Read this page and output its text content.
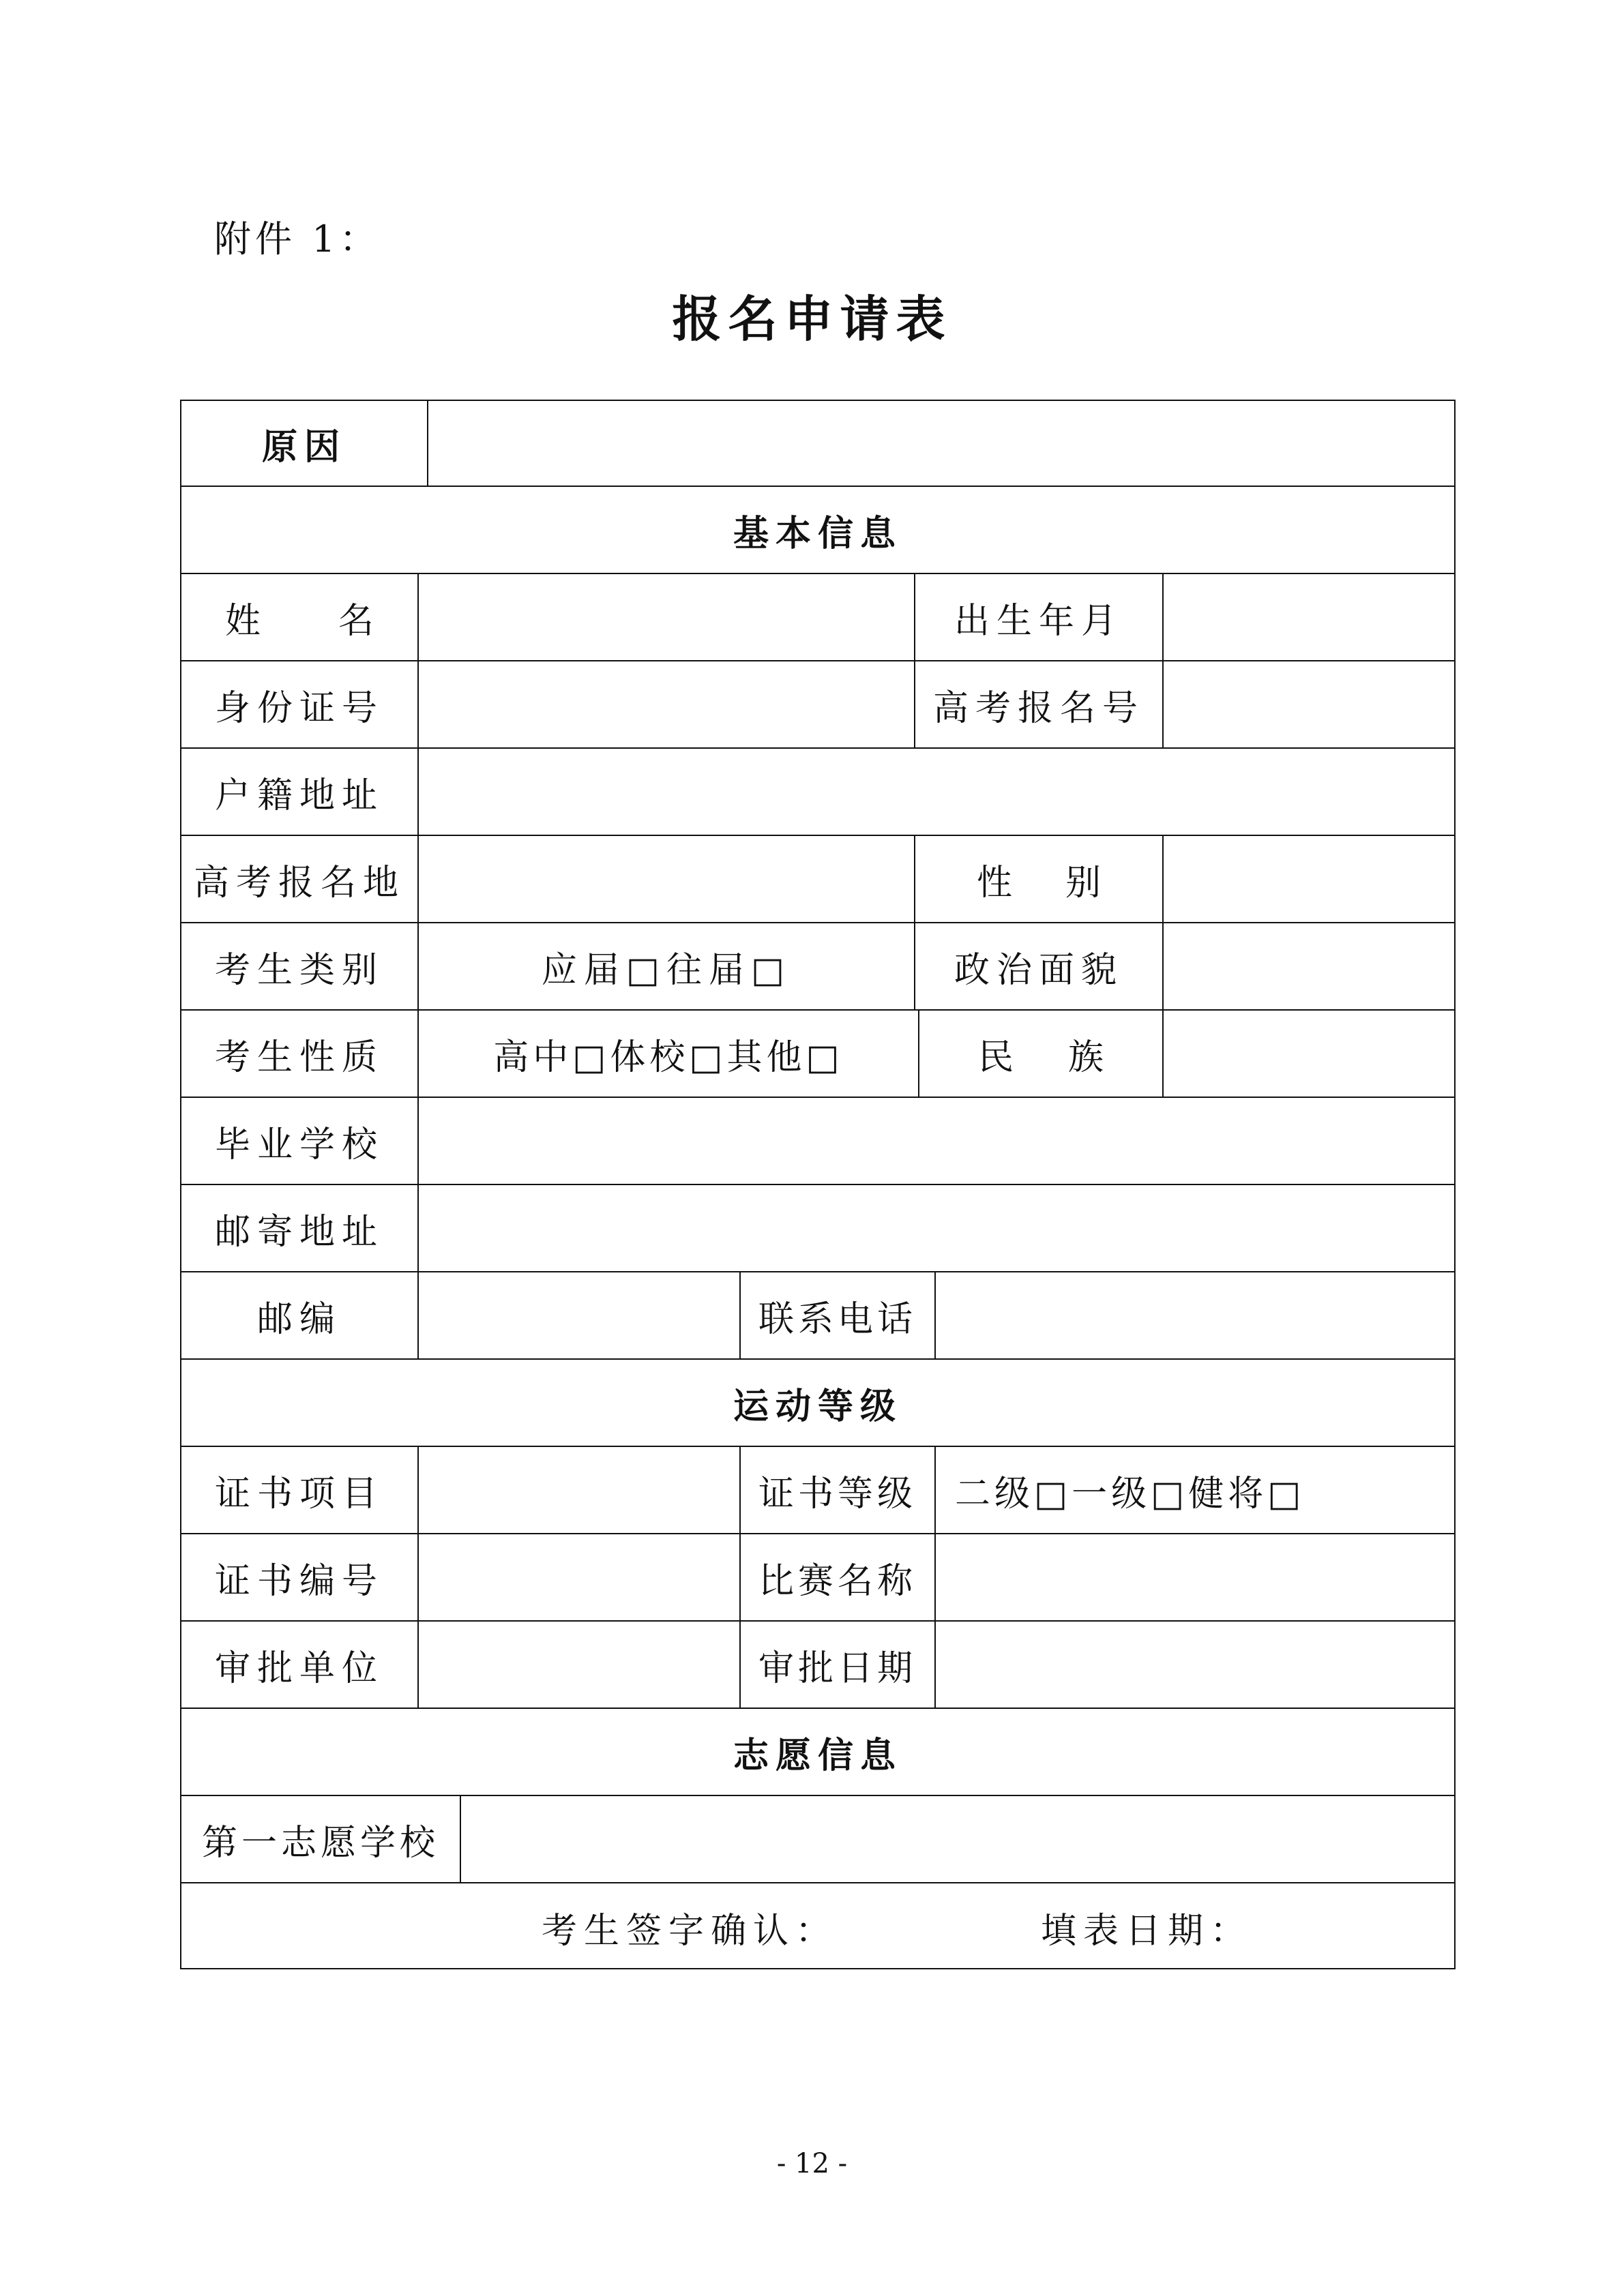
附件 1：
报名申请表
原因
基本信息
姓 名	出生年月
身份证号	高考报名号
户籍地址
高考报名地	性 别
考生类别	应届□往届□	政治面貌
考生性质	高中□体校□其他□	民 族
毕业学校
邮寄地址
邮编	联系电话
运动等级
证书项目	证书等级	二级□一级□健将□
证书编号	比赛名称
审批单位	审批日期
志愿信息
第一志愿学校
考生签字确认：	填表日期：
- 12 -
